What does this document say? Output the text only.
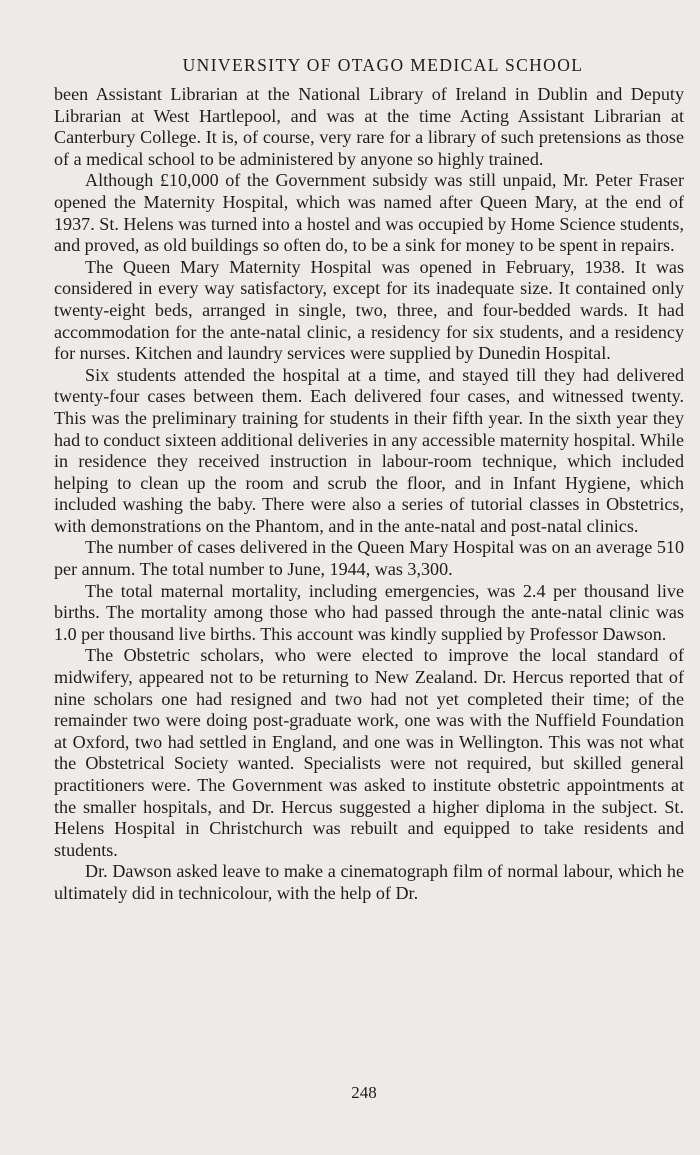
UNIVERSITY OF OTAGO MEDICAL SCHOOL

been Assistant Librarian at the National Library of Ireland in Dublin and Deputy Librarian at West Hartlepool, and was at the time Acting Assistant Librarian at Canterbury College. It is, of course, very rare for a library of such pretensions as those of a medical school to be administered by anyone so highly trained.

Although £10,000 of the Government subsidy was still unpaid, Mr. Peter Fraser opened the Maternity Hospital, which was named after Queen Mary, at the end of 1937. St. Helens was turned into a hostel and was occupied by Home Science students, and proved, as old buildings so often do, to be a sink for money to be spent in repairs.

The Queen Mary Maternity Hospital was opened in February, 1938. It was considered in every way satisfactory, except for its inadequate size. It contained only twenty-eight beds, arranged in single, two, three, and four-bedded wards. It had accommodation for the ante-natal clinic, a residency for six students, and a residency for nurses. Kitchen and laundry services were supplied by Dunedin Hospital.

Six students attended the hospital at a time, and stayed till they had delivered twenty-four cases between them. Each delivered four cases, and witnessed twenty. This was the preliminary training for students in their fifth year. In the sixth year they had to conduct sixteen additional deliveries in any accessible maternity hospital. While in residence they received instruction in labour-room technique, which included helping to clean up the room and scrub the floor, and in Infant Hygiene, which included washing the baby. There were also a series of tutorial classes in Obstetrics, with demonstrations on the Phantom, and in the ante-natal and post-natal clinics.

The number of cases delivered in the Queen Mary Hospital was on an average 510 per annum. The total number to June, 1944, was 3,300.

The total maternal mortality, including emergencies, was 2.4 per thousand live births. The mortality among those who had passed through the ante-natal clinic was 1.0 per thousand live births. This account was kindly supplied by Professor Dawson.

The Obstetric scholars, who were elected to improve the local standard of midwifery, appeared not to be returning to New Zealand. Dr. Hercus reported that of nine scholars one had resigned and two had not yet completed their time; of the remainder two were doing post-graduate work, one was with the Nuffield Foundation at Oxford, two had settled in England, and one was in Wellington. This was not what the Obstetrical Society wanted. Specialists were not required, but skilled general practitioners were. The Government was asked to institute obstetric appointments at the smaller hospitals, and Dr. Hercus suggested a higher diploma in the subject. St. Helens Hospital in Christchurch was rebuilt and equipped to take residents and students.

Dr. Dawson asked leave to make a cinematograph film of normal labour, which he ultimately did in technicolour, with the help of Dr.

248
